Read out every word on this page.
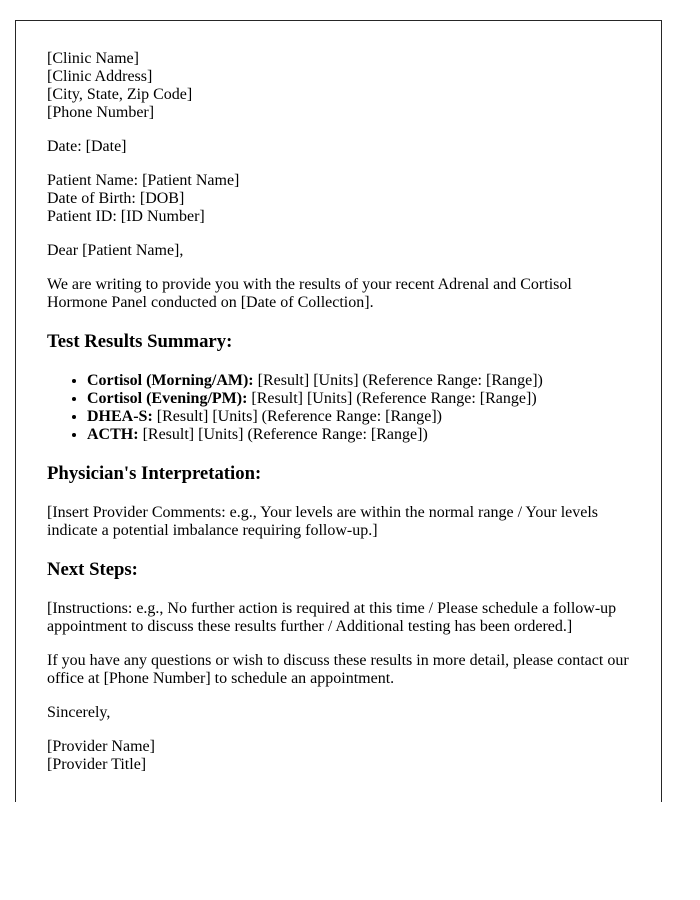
[Clinic Name]
[Clinic Address]
[City, State, Zip Code]
[Phone Number]
Date: [Date]
Patient Name: [Patient Name]
Date of Birth: [DOB]
Patient ID: [ID Number]
Dear [Patient Name],
We are writing to provide you with the results of your recent Adrenal and Cortisol Hormone Panel conducted on [Date of Collection].
Test Results Summary:
• Cortisol (Morning/AM): [Result] [Units] (Reference Range: [Range])
• Cortisol (Evening/PM): [Result] [Units] (Reference Range: [Range])
• DHEA-S: [Result] [Units] (Reference Range: [Range])
• ACTH: [Result] [Units] (Reference Range: [Range])
Physician's Interpretation:
[Insert Provider Comments: e.g., Your levels are within the normal range / Your levels indicate a potential imbalance requiring follow-up.]
Next Steps:
[Instructions: e.g., No further action is required at this time / Please schedule a follow-up appointment to discuss these results further / Additional testing has been ordered.]
If you have any questions or wish to discuss these results in more detail, please contact our office at [Phone Number] to schedule an appointment.
Sincerely,
[Provider Name]
[Provider Title]
